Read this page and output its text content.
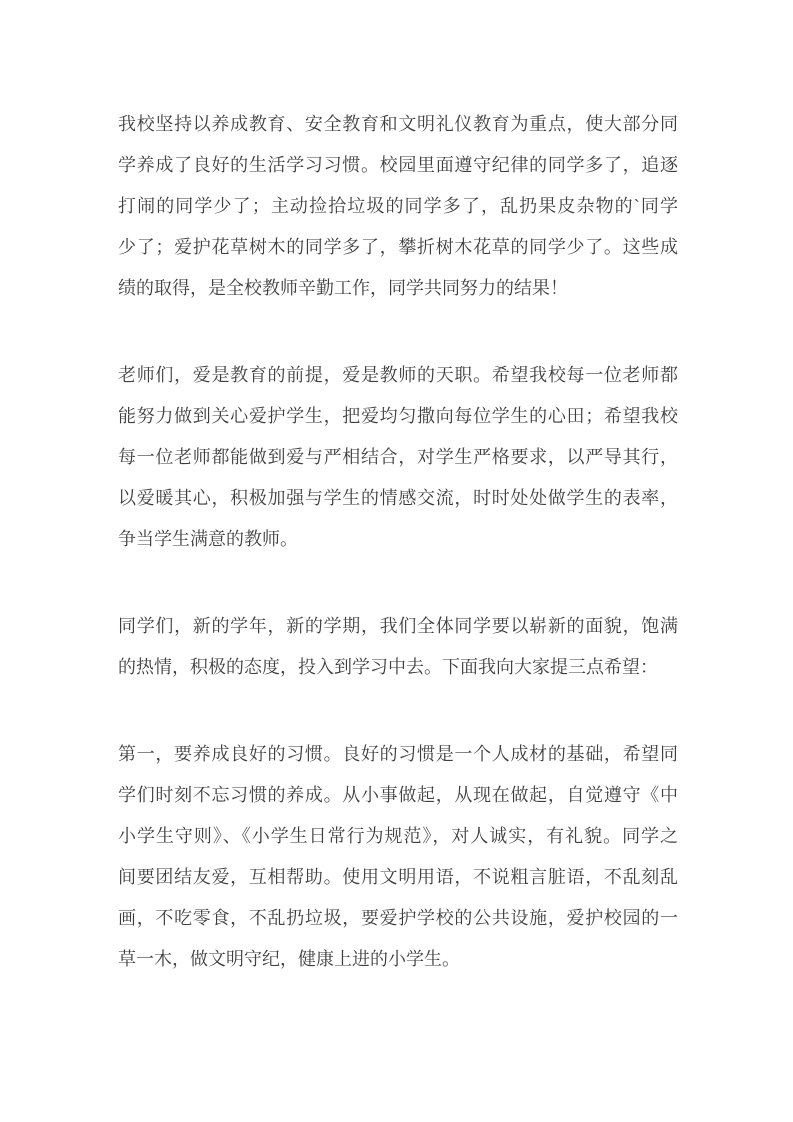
我校坚持以养成教育、安全教育和文明礼仪教育为重点，使大部分同
学养成了良好的生活学习习惯。校园里面遵守纪律的同学多了，追逐
打闹的同学少了；主动捡拾垃圾的同学多了，乱扔果皮杂物的`同学
少了；爱护花草树木的同学多了，攀折树木花草的同学少了。这些成
绩的取得，是全校教师辛勤工作，同学共同努力的结果！
老师们，爱是教育的前提，爱是教师的天职。希望我校每一位老师都
能努力做到关心爱护学生，把爱均匀撒向每位学生的心田；希望我校
每一位老师都能做到爱与严相结合，对学生严格要求，以严导其行，
以爱暖其心，积极加强与学生的情感交流，时时处处做学生的表率，
争当学生满意的教师。
同学们，新的学年，新的学期，我们全体同学要以崭新的面貌，饱满
的热情，积极的态度，投入到学习中去。下面我向大家提三点希望：
第一，要养成良好的习惯。良好的习惯是一个人成材的基础，希望同
学们时刻不忘习惯的养成。从小事做起，从现在做起，自觉遵守《中
小学生守则》、《小学生日常行为规范》，对人诚实，有礼貌。同学之
间要团结友爱，互相帮助。使用文明用语，不说粗言脏语，不乱刻乱
画，不吃零食，不乱扔垃圾，要爱护学校的公共设施，爱护校园的一
草一木，做文明守纪，健康上进的小学生。
